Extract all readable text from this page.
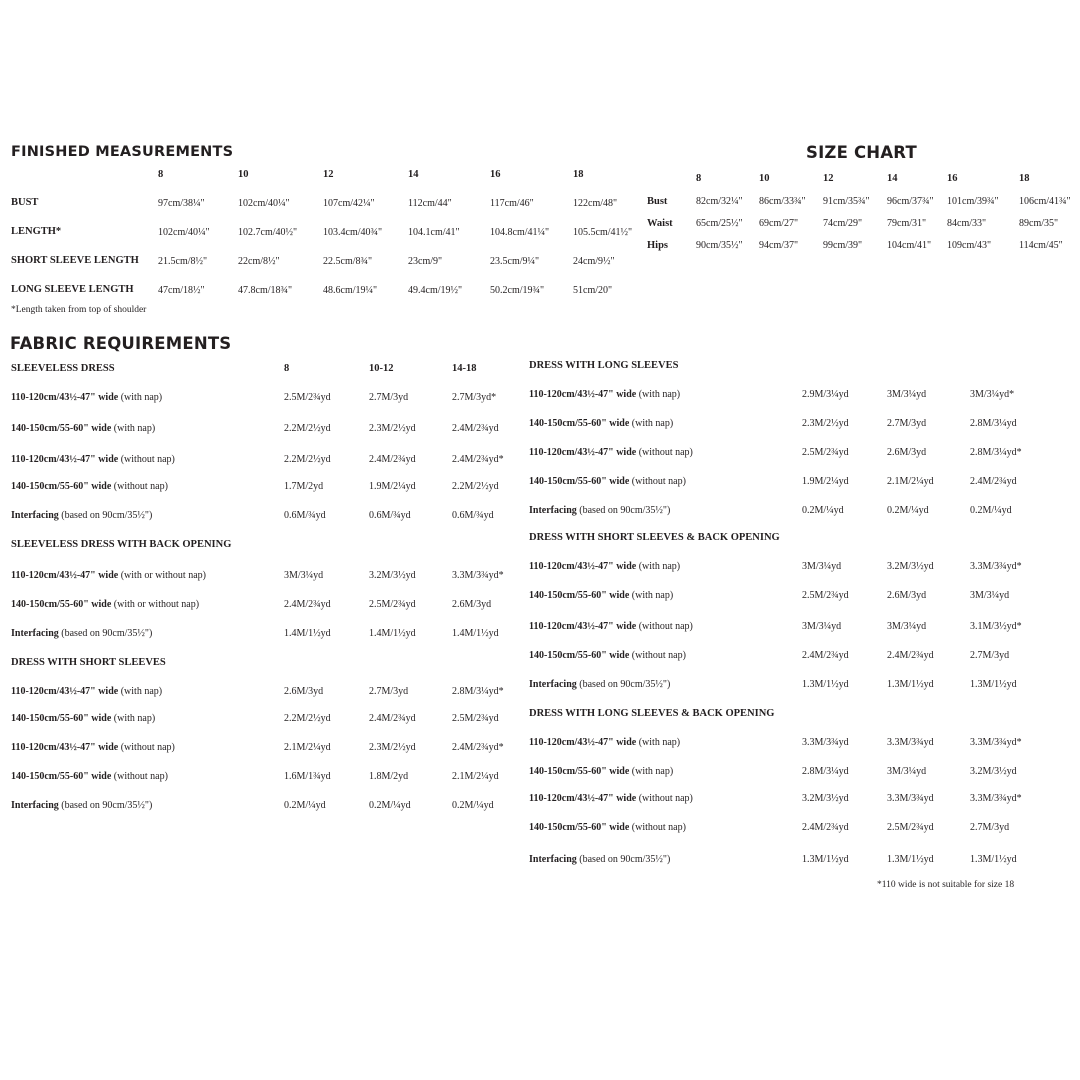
FINISHED MEASUREMENTS
8	10	12	14	16	18
BUST	97cm/38¼"	102cm/40¼"	107cm/42¼"	112cm/44"	117cm/46"	122cm/48"
LENGTH*	102cm/40¼"	102.7cm/40½"	103.4cm/40¾"	104.1cm/41"	104.8cm/41¼" 105.5cm/41½"
SHORT SLEEVE LENGTH 21.5cm/8½"	22cm/8½"	22.5cm/8¾"	23cm/9"	23.5cm/9¼"	24cm/9½"
LONG SLEEVE LENGTH 47cm/18½"	47.8cm/18¾"	48.6cm/19¼"	49.4cm/19½"	50.2cm/19¾"	51cm/20"
*Length taken from top of shoulder
SIZE CHART
8	10	12	14	16	18
Bust	82cm/32¼" 86cm/33¾" 91cm/35¾" 96cm/37¾" 101cm/39¾" 106cm/41¾"
Waist 65cm/25½" 69cm/27" 74cm/29" 79cm/31" 84cm/33"	89cm/35"
Hips	90cm/35½" 94cm/37" 99cm/39" 104cm/41" 109cm/43"	114cm/45"
FABRIC REQUIREMENTS
SLEEVELESS DRESS	8	10-12	14-18
110-120cm/43½-47" wide (with nap)	2.5M/2¾yd	2.7M/3yd	2.7M/3yd*
140-150cm/55-60" wide (with nap)	2.2M/2½yd	2.3M/2½yd	2.4M/2¾yd
110-120cm/43½-47" wide (without nap)	2.2M/2½yd	2.4M/2¾yd	2.4M/2¾yd*
140-150cm/55-60" wide (without nap)	1.7M/2yd	1.9M/2¼yd	2.2M/2½yd
Interfacing (based on 90cm/35½")	0.6M/¾yd	0.6M/¾yd	0.6M/¾yd
SLEEVELESS DRESS WITH BACK OPENING
110-120cm/43½-47" wide (with or without nap)	3M/3¼yd	3.2M/3½yd	3.3M/3¾yd*
140-150cm/55-60" wide (with or without nap)	2.4M/2¾yd	2.5M/2¾yd	2.6M/3yd
Interfacing (based on 90cm/35½")	1.4M/1½yd	1.4M/1½yd	1.4M/1½yd
DRESS WITH SHORT SLEEVES
110-120cm/43½-47" wide (with nap)	2.6M/3yd	2.7M/3yd	2.8M/3¼yd*
140-150cm/55-60" wide (with nap)	2.2M/2½yd	2.4M/2¾yd	2.5M/2¾yd
110-120cm/43½-47" wide (without nap)	2.1M/2¼yd	2.3M/2½yd	2.4M/2¾yd*
140-150cm/55-60" wide (without nap)	1.6M/1¾yd	1.8M/2yd	2.1M/2¼yd
Interfacing (based on 90cm/35½")	0.2M/¼yd	0.2M/¼yd	0.2M/¼yd
DRESS WITH LONG SLEEVES
110-120cm/43½-47" wide (with nap)	2.9M/3¼yd	3M/3¼yd	3M/3¼yd*
140-150cm/55-60" wide (with nap)	2.3M/2½yd	2.7M/3yd	2.8M/3¼yd
110-120cm/43½-47" wide (without nap)	2.5M/2¾yd	2.6M/3yd	2.8M/3¼yd*
140-150cm/55-60" wide (without nap)	1.9M/2¼yd	2.1M/2¼yd	2.4M/2¾yd
Interfacing (based on 90cm/35½")	0.2M/¼yd	0.2M/¼yd	0.2M/¼yd
DRESS WITH SHORT SLEEVES & BACK OPENING
110-120cm/43½-47" wide (with nap)	3M/3¼yd	3.2M/3½yd	3.3M/3¾yd*
140-150cm/55-60" wide (with nap)	2.5M/2¾yd	2.6M/3yd	3M/3¼yd
110-120cm/43½-47" wide (without nap)	3M/3¼yd	3M/3¼yd	3.1M/3½yd*
140-150cm/55-60" wide (without nap)	2.4M/2¾yd	2.4M/2¾yd	2.7M/3yd
Interfacing (based on 90cm/35½")	1.3M/1½yd	1.3M/1½yd	1.3M/1½yd
DRESS WITH LONG SLEEVES & BACK OPENING
110-120cm/43½-47" wide (with nap)	3.3M/3¾yd	3.3M/3¾yd	3.3M/3¾yd*
140-150cm/55-60" wide (with nap)	2.8M/3¼yd	3M/3¼yd	3.2M/3½yd
110-120cm/43½-47" wide (without nap)	3.2M/3½yd	3.3M/3¾yd	3.3M/3¾yd*
140-150cm/55-60" wide (without nap)	2.4M/2¾yd	2.5M/2¾yd	2.7M/3yd
Interfacing (based on 90cm/35½")	1.3M/1½yd	1.3M/1½yd	1.3M/1½yd
*110 wide is not suitable for size 18
